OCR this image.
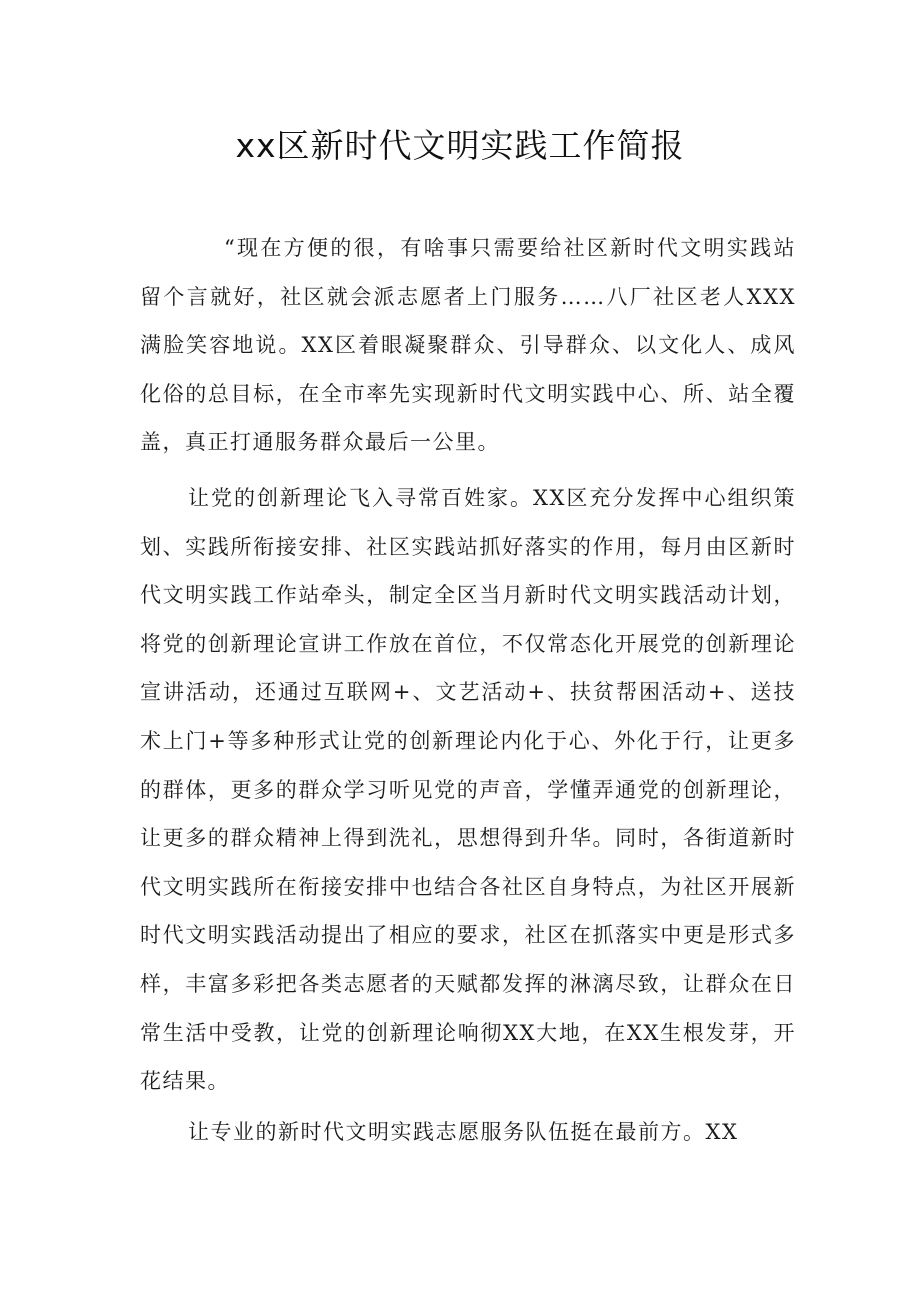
xx区新时代文明实践工作简报

“现在方便的很，有啥事只需要给社区新时代文明实践站留个言就好，社区就会派志愿者上门服务……八厂社区老人XXX满脸笑容地说。XX区着眼凝聚群众、引导群众、以文化人、成风化俗的总目标，在全市率先实现新时代文明实践中心、所、站全覆盖，真正打通服务群众最后一公里。

让党的创新理论飞入寻常百姓家。XX区充分发挥中心组织策划、实践所衔接安排、社区实践站抓好落实的作用，每月由区新时代文明实践工作站牵头，制定全区当月新时代文明实践活动计划，将党的创新理论宣讲工作放在首位，不仅常态化开展党的创新理论宣讲活动，还通过互联网+、文艺活动+、扶贫帮困活动+、送技术上门+等多种形式让党的创新理论内化于心、外化于行，让更多的群体，更多的群众学习听见党的声音，学懂弄通党的创新理论，让更多的群众精神上得到洗礼，思想得到升华。同时，各街道新时代文明实践所在衔接安排中也结合各社区自身特点，为社区开展新时代文明实践活动提出了相应的要求，社区在抓落实中更是形式多样，丰富多彩把各类志愿者的天赋都发挥的淋漓尽致，让群众在日常生活中受教，让党的创新理论响彻XX大地，在XX生根发芽，开花结果。

让专业的新时代文明实践志愿服务队伍挺在最前方。XX
